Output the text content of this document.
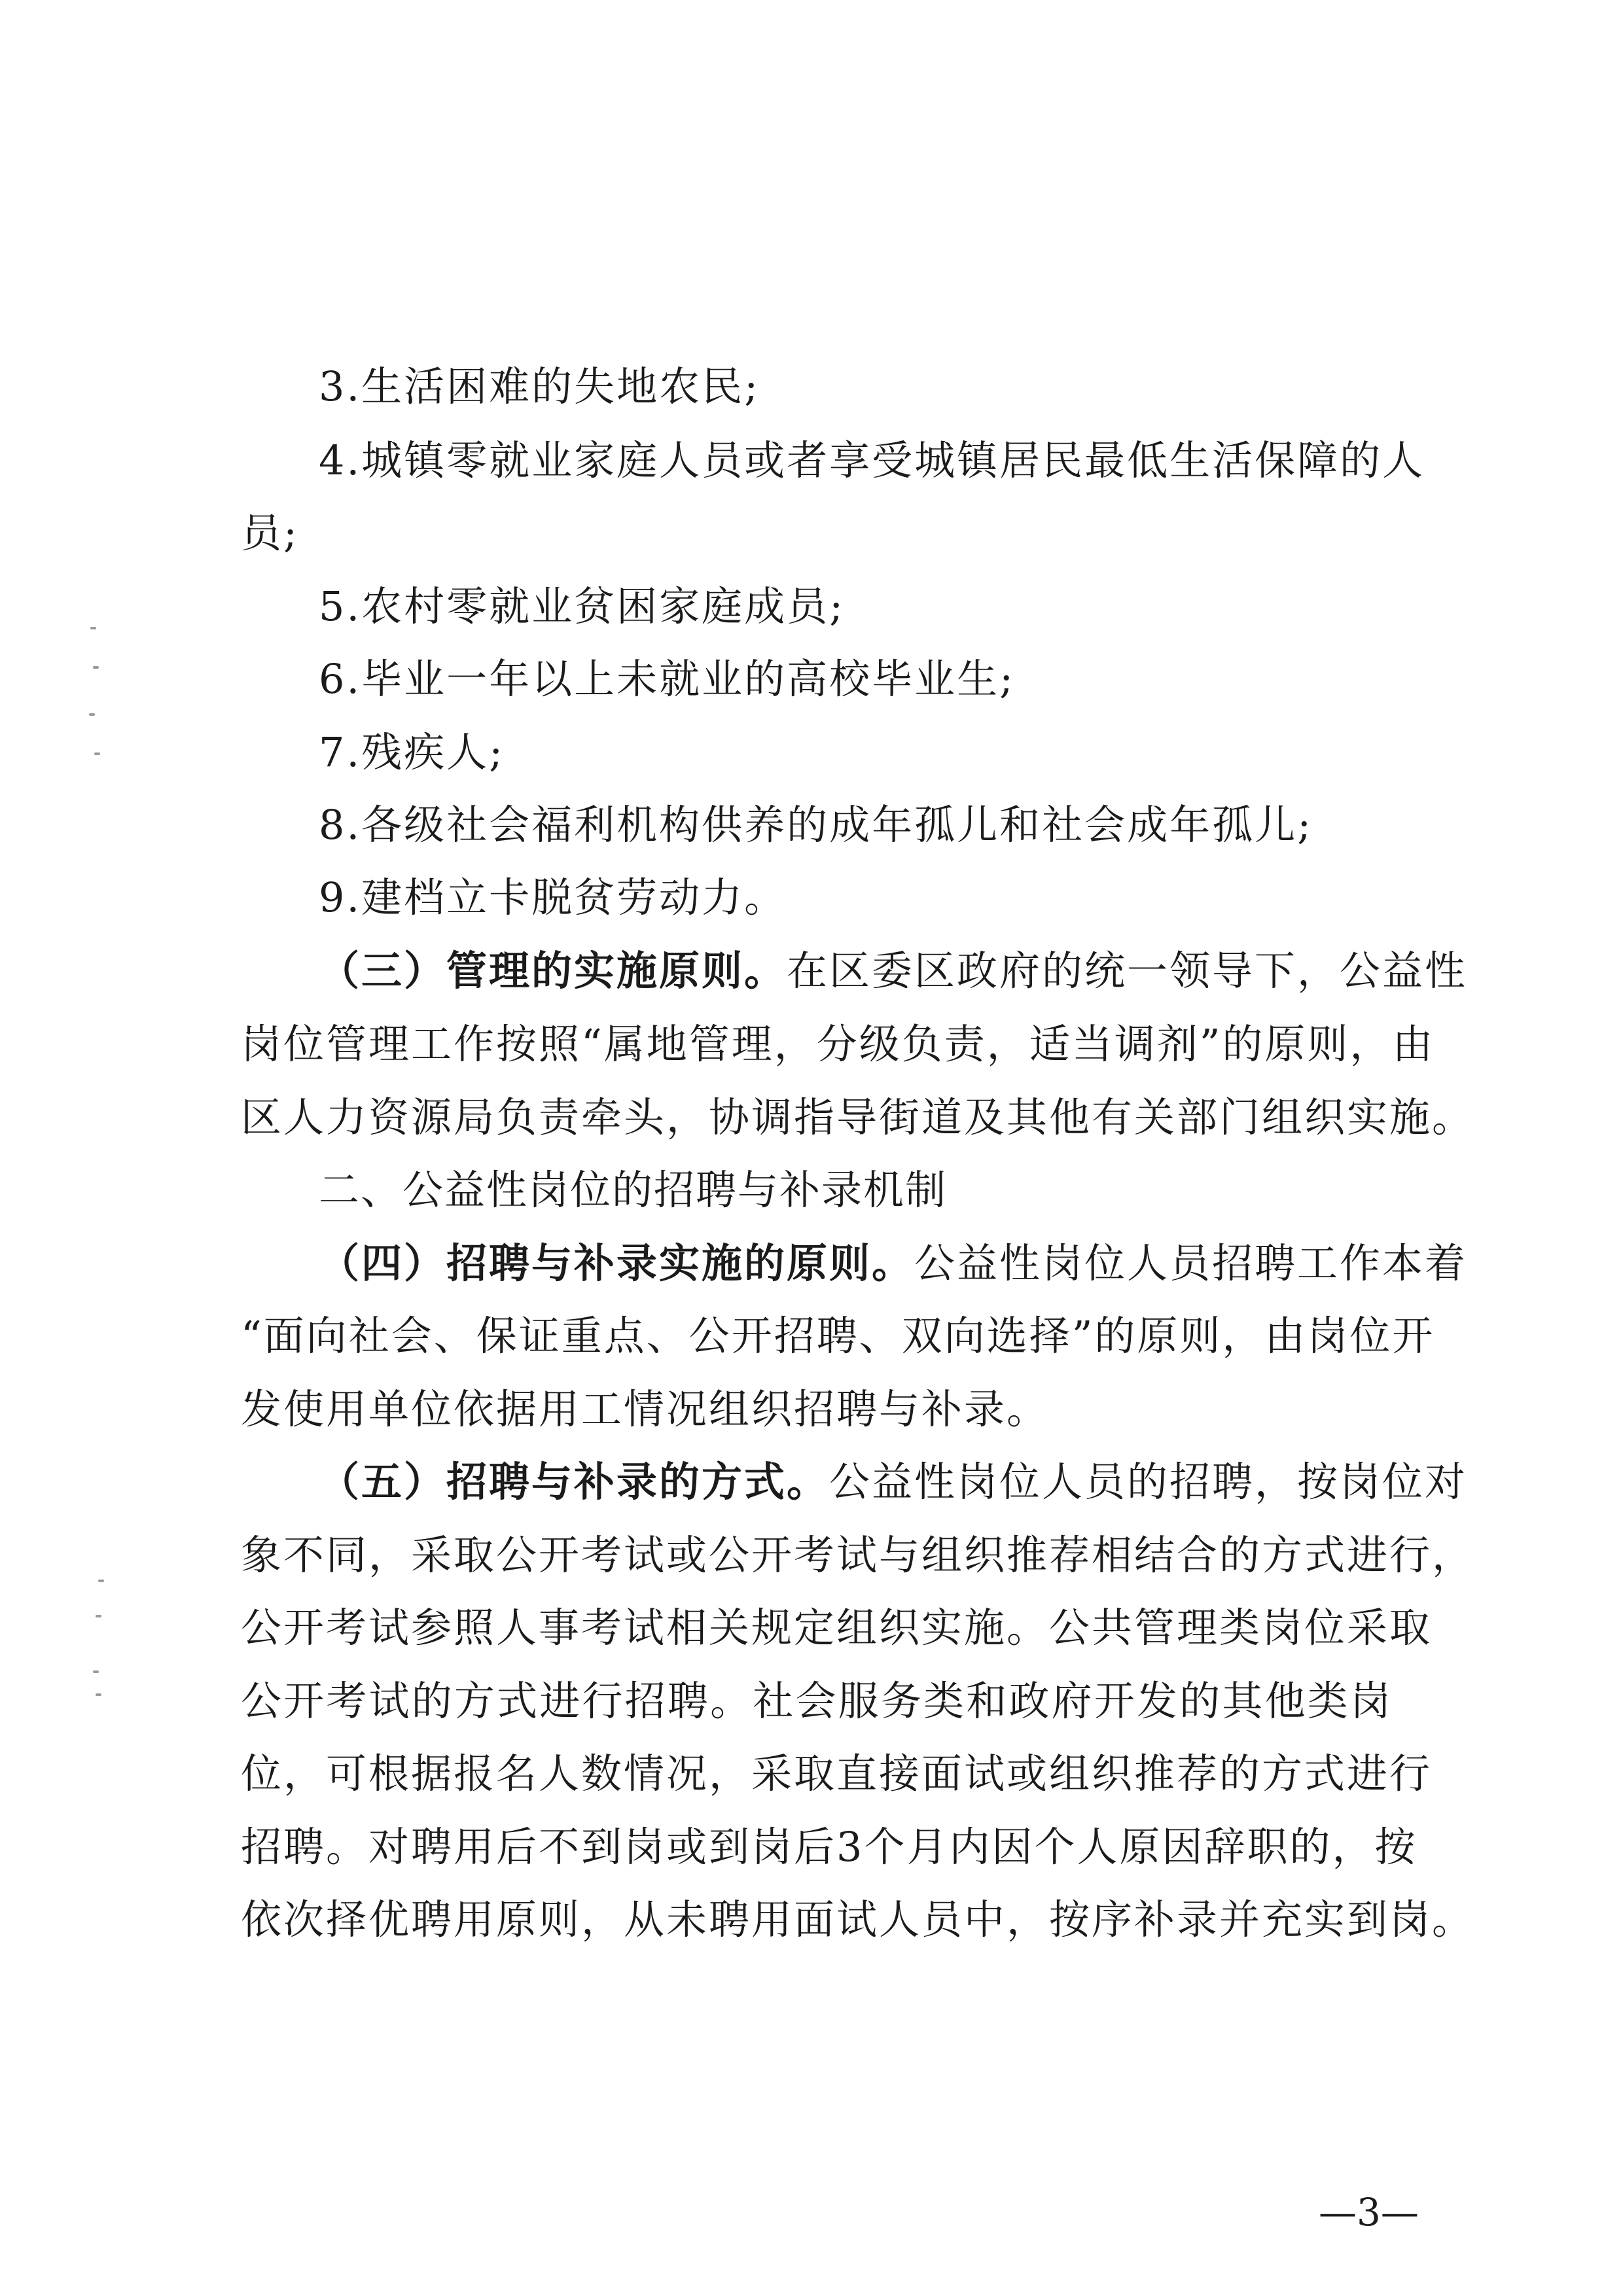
3.生活困难的失地农民;
4.城镇零就业家庭人员或者享受城镇居民最低生活保障的人
员;
5.农村零就业贫困家庭成员;
6.毕业一年以上未就业的高校毕业生;
7.残疾人;
8.各级社会福利机构供养的成年孤儿和社会成年孤儿;
9.建档立卡脱贫劳动力。
（三）管理的实施原则。在区委区政府的统一领导下，公益性
岗位管理工作按照“属地管理，分级负责，适当调剂”的原则，由
区人力资源局负责牵头，协调指导街道及其他有关部门组织实施。
二、公益性岗位的招聘与补录机制
（四）招聘与补录实施的原则。公益性岗位人员招聘工作本着
“面向社会、保证重点、公开招聘、双向选择”的原则，由岗位开
发使用单位依据用工情况组织招聘与补录。
（五）招聘与补录的方式。公益性岗位人员的招聘，按岗位对
象不同，采取公开考试或公开考试与组织推荐相结合的方式进行，
公开考试参照人事考试相关规定组织实施。公共管理类岗位采取
公开考试的方式进行招聘。社会服务类和政府开发的其他类岗
位，可根据报名人数情况，采取直接面试或组织推荐的方式进行
招聘。对聘用后不到岗或到岗后3个月内因个人原因辞职的，按
依次择优聘用原则，从未聘用面试人员中，按序补录并充实到岗。
—3—
